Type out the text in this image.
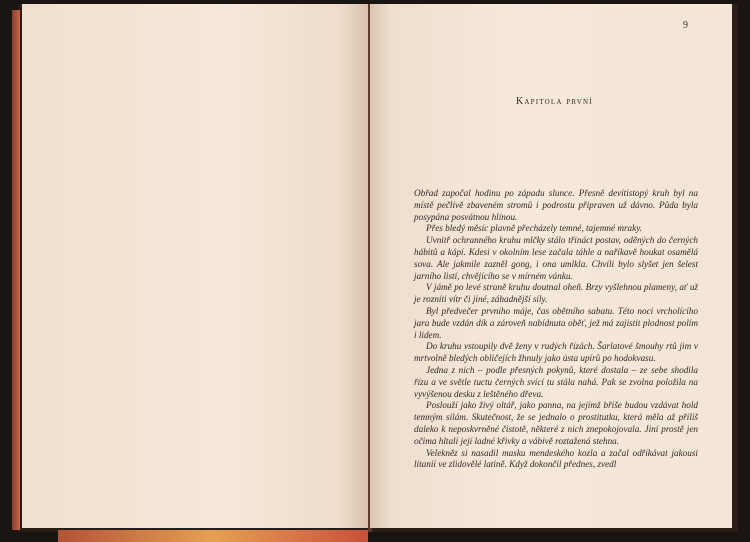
9
Kapitola první

Obřad započal hodinu po západu slunce. Přesně devítistopý kruh byl na místě pečlivě zbaveném stromů i podrostu připraven už dávno. Půda byla posypána posvátnou hlínou.

Přes bledý měsíc plavně přecházely temné, tajemné mraky.

Uvnitř ochranného kruhu mlčky stálo třináct postav, oděných do černých hábitů a kápí. Kdesi v okolním lese začala táhle a naříkavě houkat osamělá sova. Ale jakmile zazněl gong, i ona umlkla. Chvíli bylo slyšet jen šelest jarního listí, chvějícího se v mírném vánku.

V jámě po levé straně kruhu doutnal oheň. Brzy vyšlehnou plameny, ať už je rozníti vítr či jiné, záhadnější síly.

Byl předvečer prvního máje, čas obětního sabatu. Této noci vrcholícího jara bude vzdán dík a zároveň nabídnuta oběť, jež má zajistit plodnost polím i lidem.

Do kruhu vstoupily dvě ženy v rudých řízách. Šarlatové šmouhy rtů jim v mrtvolně bledých obličejích žhnuly jako ústa upírů po hodokvasu.

Jedna z nich – podle přesných pokynů, které dostala – ze sebe shodila řízu a ve světle tuctu černých svící tu stála nahá. Pak se zvolna položila na vyvýšenou desku z leštěného dřeva.

Poslouží jako živý oltář, jako panna, na jejímž břiše budou vzdávat hold temným silám. Skutečnost, že se jednalo o prostitutku, která měla až příliš daleko k neposkvrněné čistotě, některé z nich znepokojovala. Jiní prostě jen očima hltali její ladné křivky a vábivě roztažená stehna.

Velekněz si nasadil masku mendeského kozla a začal odříkávat jakousi litanii ve zlidovělé latině. Když dokončil přednes, zvedl
